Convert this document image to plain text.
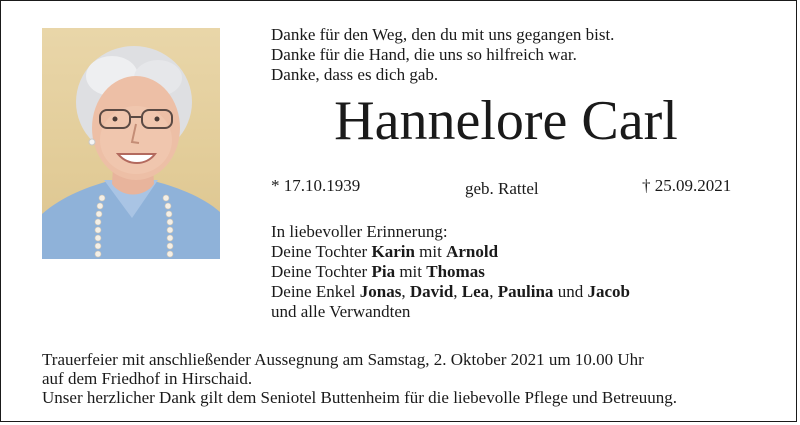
Danke für den Weg, den du mit uns gegangen bist.
Danke für die Hand, die uns so hilfreich war.
Danke, dass es dich gab.
Hannelore Carl
* 17.10.1939	geb. Rattel	† 25.09.2021
In liebevoller Erinnerung:
Deine Tochter Karin mit Arnold
Deine Tochter Pia mit Thomas
Deine Enkel Jonas, David, Lea, Paulina und Jacob
und alle Verwandten
Trauerfeier mit anschließender Aussegnung am Samstag, 2. Oktober 2021 um 10.00 Uhr
auf dem Friedhof in Hirschaid.
Unser herzlicher Dank gilt dem Seniotel Buttenheim für die liebevolle Pflege und Betreuung.
